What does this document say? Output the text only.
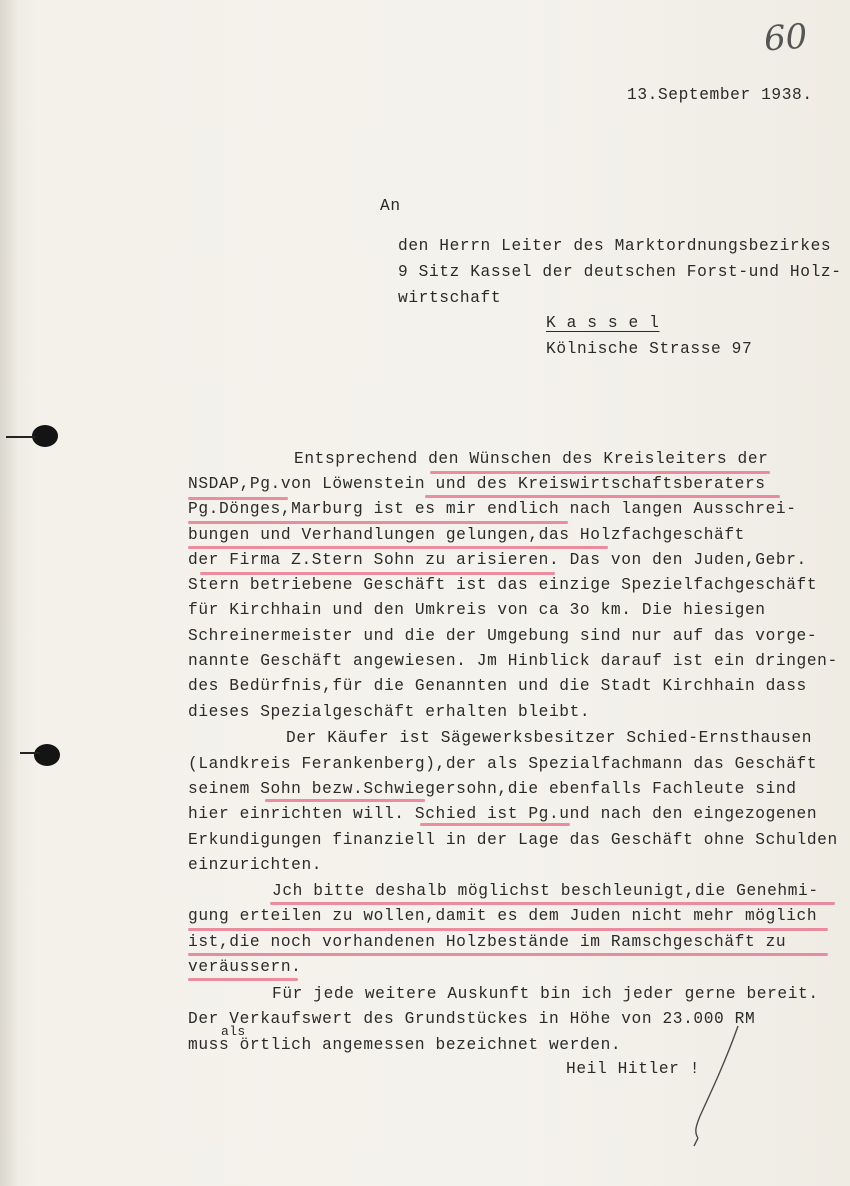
60
13.September 1938.
An
den Herrn Leiter des Marktordnungsbezirkes
9 Sitz Kassel der deutschen Forst-und Holz-
wirtschaft
K a s s e l
Kölnische Strasse 97
Entsprechend den Wünschen des Kreisleiters der
NSDAP,Pg.von Löwenstein und des Kreiswirtschaftsberaters
Pg.Dönges,Marburg ist es mir endlich nach langen Ausschrei-
bungen und Verhandlungen gelungen,das Holzfachgeschäft
der Firma Z.Stern Sohn zu arisieren. Das von den Juden,Gebr.
Stern betriebene Geschäft ist das einzige Spezielfachgeschäft
für Kirchhain und den Umkreis von ca 3o km. Die hiesigen
Schreinermeister und die der Umgebung sind nur auf das vorge-
nannte Geschäft angewiesen. Jm Hinblick darauf ist ein dringen-
des Bedürfnis,für die Genannten und die Stadt Kirchhain dass
dieses Spezialgeschäft erhalten bleibt.
Der Käufer ist Sägewerksbesitzer Schied-Ernsthausen
(Landkreis Ferankenberg),der als Spezialfachmann das Geschäft
seinem Sohn bezw.Schwiegersohn,die ebenfalls Fachleute sind
hier einrichten will. Schied ist Pg.und nach den eingezogenen
Erkundigungen finanziell in der Lage das Geschäft ohne Schulden
einzurichten.
Jch bitte deshalb möglichst beschleunigt,die Genehmi-
gung erteilen zu wollen,damit es dem Juden nicht mehr möglich
ist,die noch vorhandenen Holzbestände im Ramschgeschäft zu
veräussern.
Für jede weitere Auskunft bin ich jeder gerne bereit.
Der Verkaufswert des Grundstückes in Höhe von 23.000 RM
als
muss örtlich angemessen bezeichnet werden.
Heil Hitler !
